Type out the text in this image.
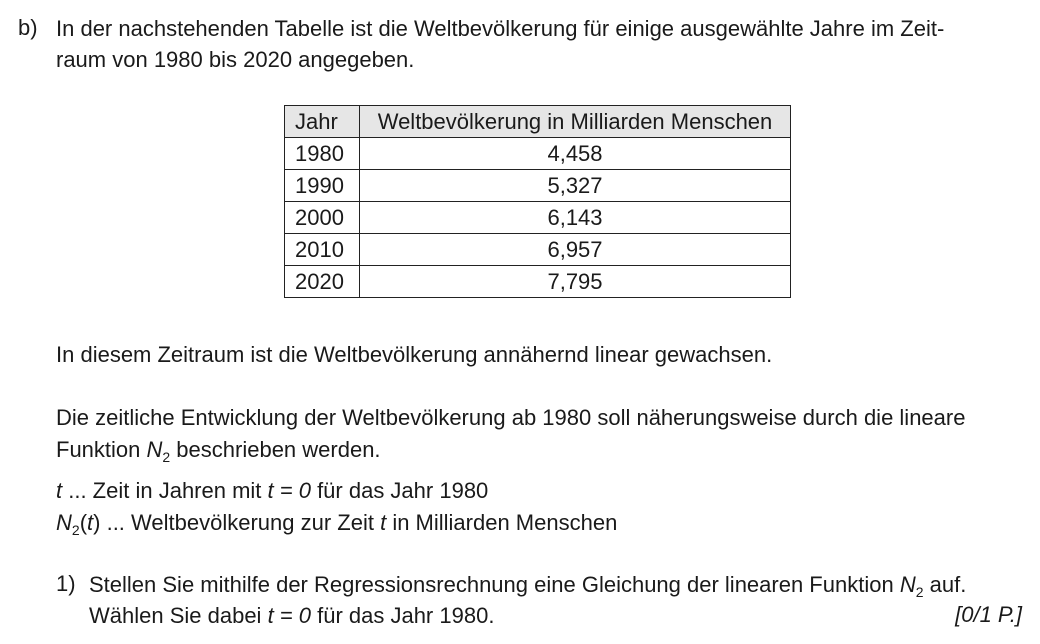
b) In der nachstehenden Tabelle ist die Weltbevölkerung für einige ausgewählte Jahre im Zeit-
raum von 1980 bis 2020 angegeben.
Jahr	Weltbevölkerung in Milliarden Menschen
1980	4,458
1990	5,327
2000	6,143
2010	6,957
2020	7,795
In diesem Zeitraum ist die Weltbevölkerung annähernd linear gewachsen.
Die zeitliche Entwicklung der Weltbevölkerung ab 1980 soll näherungsweise durch die lineare
Funktion $N_2$ beschrieben werden.
t ... Zeit in Jahren mit t = 0 für das Jahr 1980
$N_2(t)$ ... Weltbevölkerung zur Zeit t in Milliarden Menschen
1) Stellen Sie mithilfe der Regressionsrechnung eine Gleichung der linearen Funktion $N_2$ auf.
Wählen Sie dabei t = 0 für das Jahr 1980.	[0/1 P.]
